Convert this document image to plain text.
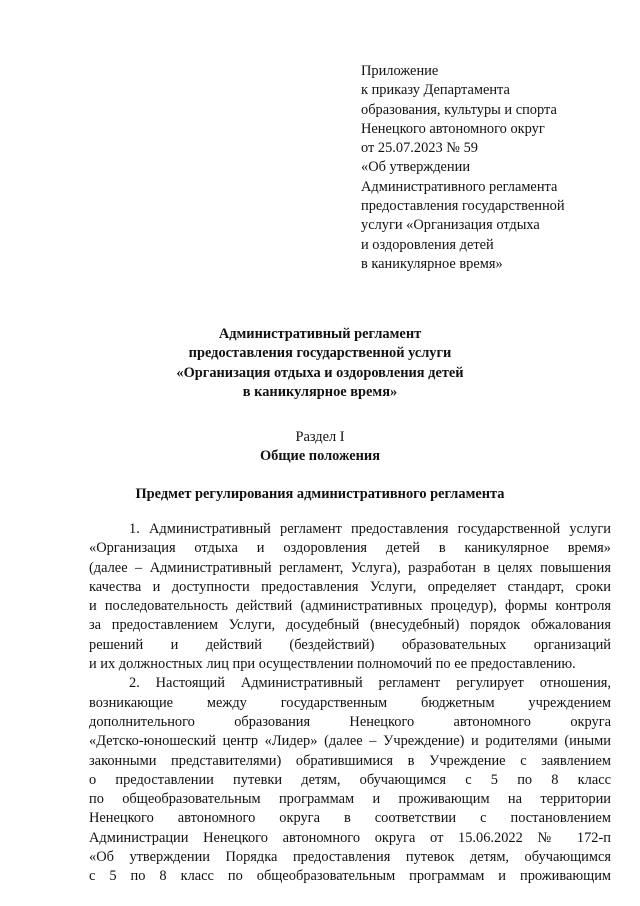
Приложение
к приказу Департамента
образования, культуры и спорта
Ненецкого автономного округ
от 25.07.2023 № 59
«Об утверждении
Административного регламента
предоставления государственной
услуги «Организация отдыха
и оздоровления детей
в каникулярное время»
Административный регламент
предоставления государственной услуги
«Организация отдыха и оздоровления детей
в каникулярное время»
Раздел I
Общие положения
Предмет регулирования административного регламента
1. Административный регламент предоставления государственной услуги
«Организация отдыха и оздоровления детей в каникулярное время»
(далее – Административный регламент, Услуга), разработан в целях повышения
качества и доступности предоставления Услуги, определяет стандарт, сроки
и последовательность действий (административных процедур), формы контроля
за предоставлением Услуги, досудебный (внесудебный) порядок обжалования
решений и действий (бездействий) образовательных организаций
и их должностных лиц при осуществлении полномочий по ее предоставлению.
2. Настоящий Административный регламент регулирует отношения,
возникающие между государственным бюджетным учреждением
дополнительного образования Ненецкого автономного округа
«Детско-юношеский центр «Лидер» (далее – Учреждение) и родителями (иными
законными представителями) обратившимися в Учреждение с заявлением
о предоставлении путевки детям, обучающимся с 5 по 8 класс
по общеобразовательным программам и проживающим на территории
Ненецкого автономного округа в соответствии с постановлением
Администрации Ненецкого автономного округа от 15.06.2022 № 172-п
«Об утверждении Порядка предоставления путевок детям, обучающимся
с 5 по 8 класс по общеобразовательным программам и проживающим
